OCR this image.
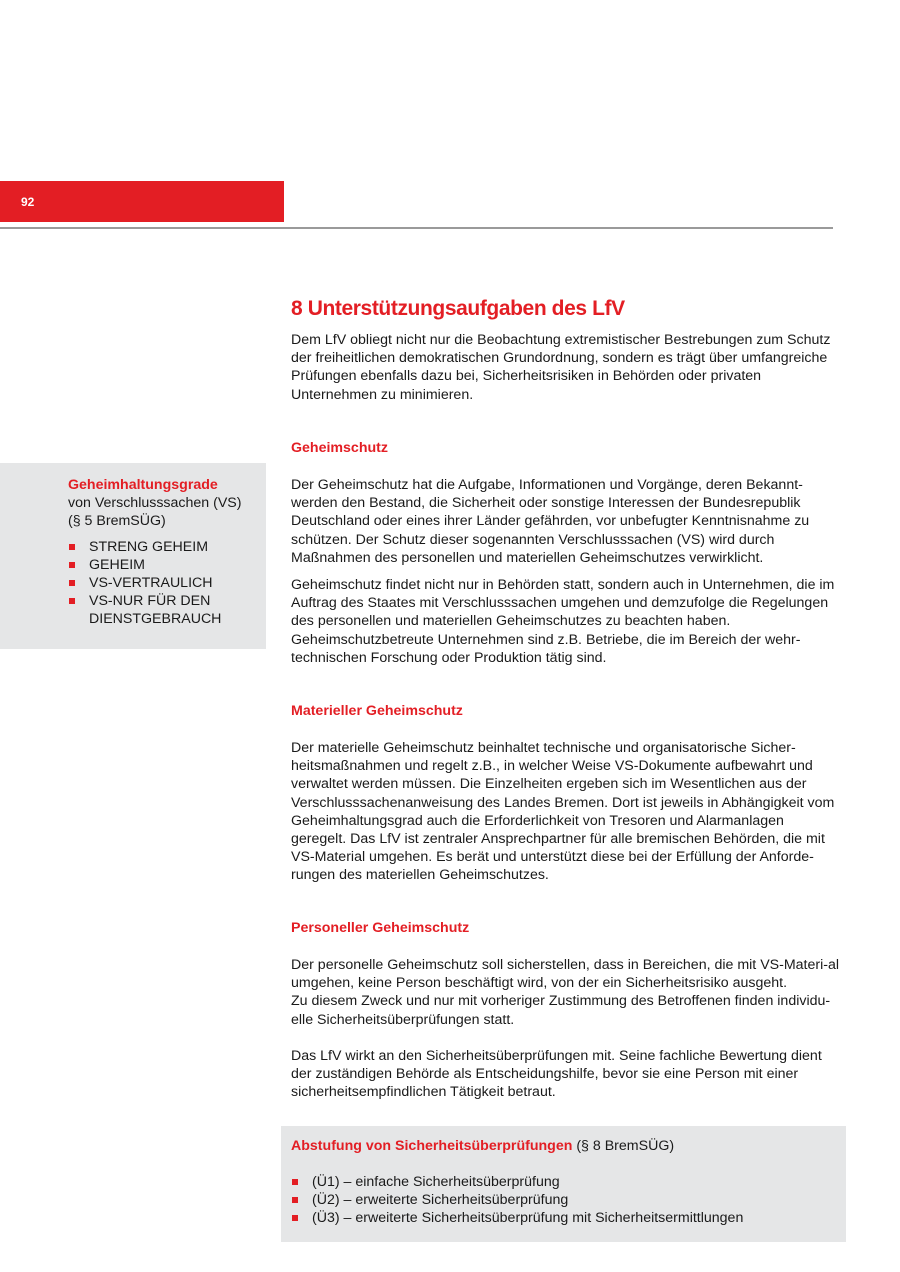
92
Geheimhaltungsgrade
von Verschlusssachen (VS)
(§ 5 BremSÜG)
STRENG GEHEIM
GEHEIM
VS-VERTRAULICH
VS-NUR FÜR DEN DIENSTGEBRAUCH
8 Unterstützungsaufgaben des LfV

Dem LfV obliegt nicht nur die Beobachtung extremistischer Bestrebungen zum Schutz der freiheitlichen demokratischen Grundordnung, sondern es trägt über umfangreiche Prüfungen ebenfalls dazu bei, Sicherheitsrisiken in Behörden oder privaten Unternehmen zu minimieren.

Geheimschutz

Der Geheimschutz hat die Aufgabe, Informationen und Vorgänge, deren Bekannt-werden den Bestand, die Sicherheit oder sonstige Interessen der Bundesrepublik Deutschland oder eines ihrer Länder gefährden, vor unbefugter Kenntnisnahme zu schützen. Der Schutz dieser sogenannten Verschlusssachen (VS) wird durch Maßnahmen des personellen und materiellen Geheimschutzes verwirklicht.

Geheimschutz findet nicht nur in Behörden statt, sondern auch in Unternehmen, die im Auftrag des Staates mit Verschlusssachen umgehen und demzufolge die Regelungen des personellen und materiellen Geheimschutzes zu beachten haben. Geheimschutzbetreute Unternehmen sind z.B. Betriebe, die im Bereich der wehr-technischen Forschung oder Produktion tätig sind.

Materieller Geheimschutz

Der materielle Geheimschutz beinhaltet technische und organisatorische Sicher-heitsmaßnahmen und regelt z.B., in welcher Weise VS-Dokumente aufbewahrt und verwaltet werden müssen. Die Einzelheiten ergeben sich im Wesentlichen aus der Verschlusssachenanweisung des Landes Bremen. Dort ist jeweils in Abhängigkeit vom Geheimhaltungsgrad auch die Erforderlichkeit von Tresoren und Alarmanlagen geregelt. Das LfV ist zentraler Ansprechpartner für alle bremischen Behörden, die mit VS-Material umgehen. Es berät und unterstützt diese bei der Erfüllung der Anforde-rungen des materiellen Geheimschutzes.

Personeller Geheimschutz

Der personelle Geheimschutz soll sicherstellen, dass in Bereichen, die mit VS-Materi-al umgehen, keine Person beschäftigt wird, von der ein Sicherheitsrisiko ausgeht.

Zu diesem Zweck und nur mit vorheriger Zustimmung des Betroffenen finden individu-elle Sicherheitsüberprüfungen statt.

Das LfV wirkt an den Sicherheitsüberprüfungen mit. Seine fachliche Bewertung dient der zuständigen Behörde als Entscheidungshilfe, bevor sie eine Person mit einer sicherheitsempfindlichen Tätigkeit betraut.

Abstufung von Sicherheitsüberprüfungen (§ 8 BremSÜG)
(Ü1) – einfache Sicherheitsüberprüfung
(Ü2) – erweiterte Sicherheitsüberprüfung
(Ü3) – erweiterte Sicherheitsüberprüfung mit Sicherheitsermittlungen
